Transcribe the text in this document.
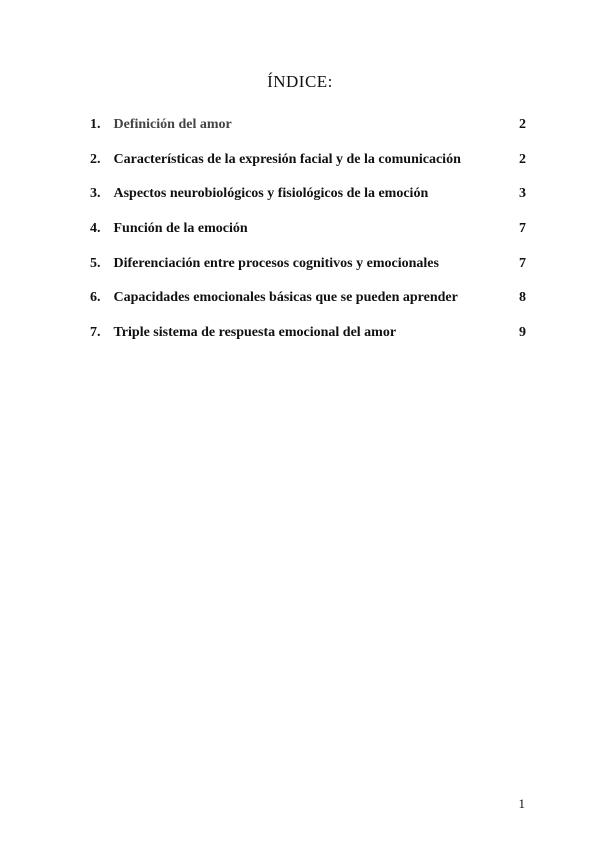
ÍNDICE:
1. Definición del amor	2
2. Características de la expresión facial y de la comunicación	2
3. Aspectos neurobiológicos y fisiológicos de la emoción	3
4. Función de la emoción	7
5. Diferenciación entre procesos cognitivos y emocionales	7
6. Capacidades emocionales básicas que se pueden aprender	8
7. Triple sistema de respuesta emocional del amor	9
1
